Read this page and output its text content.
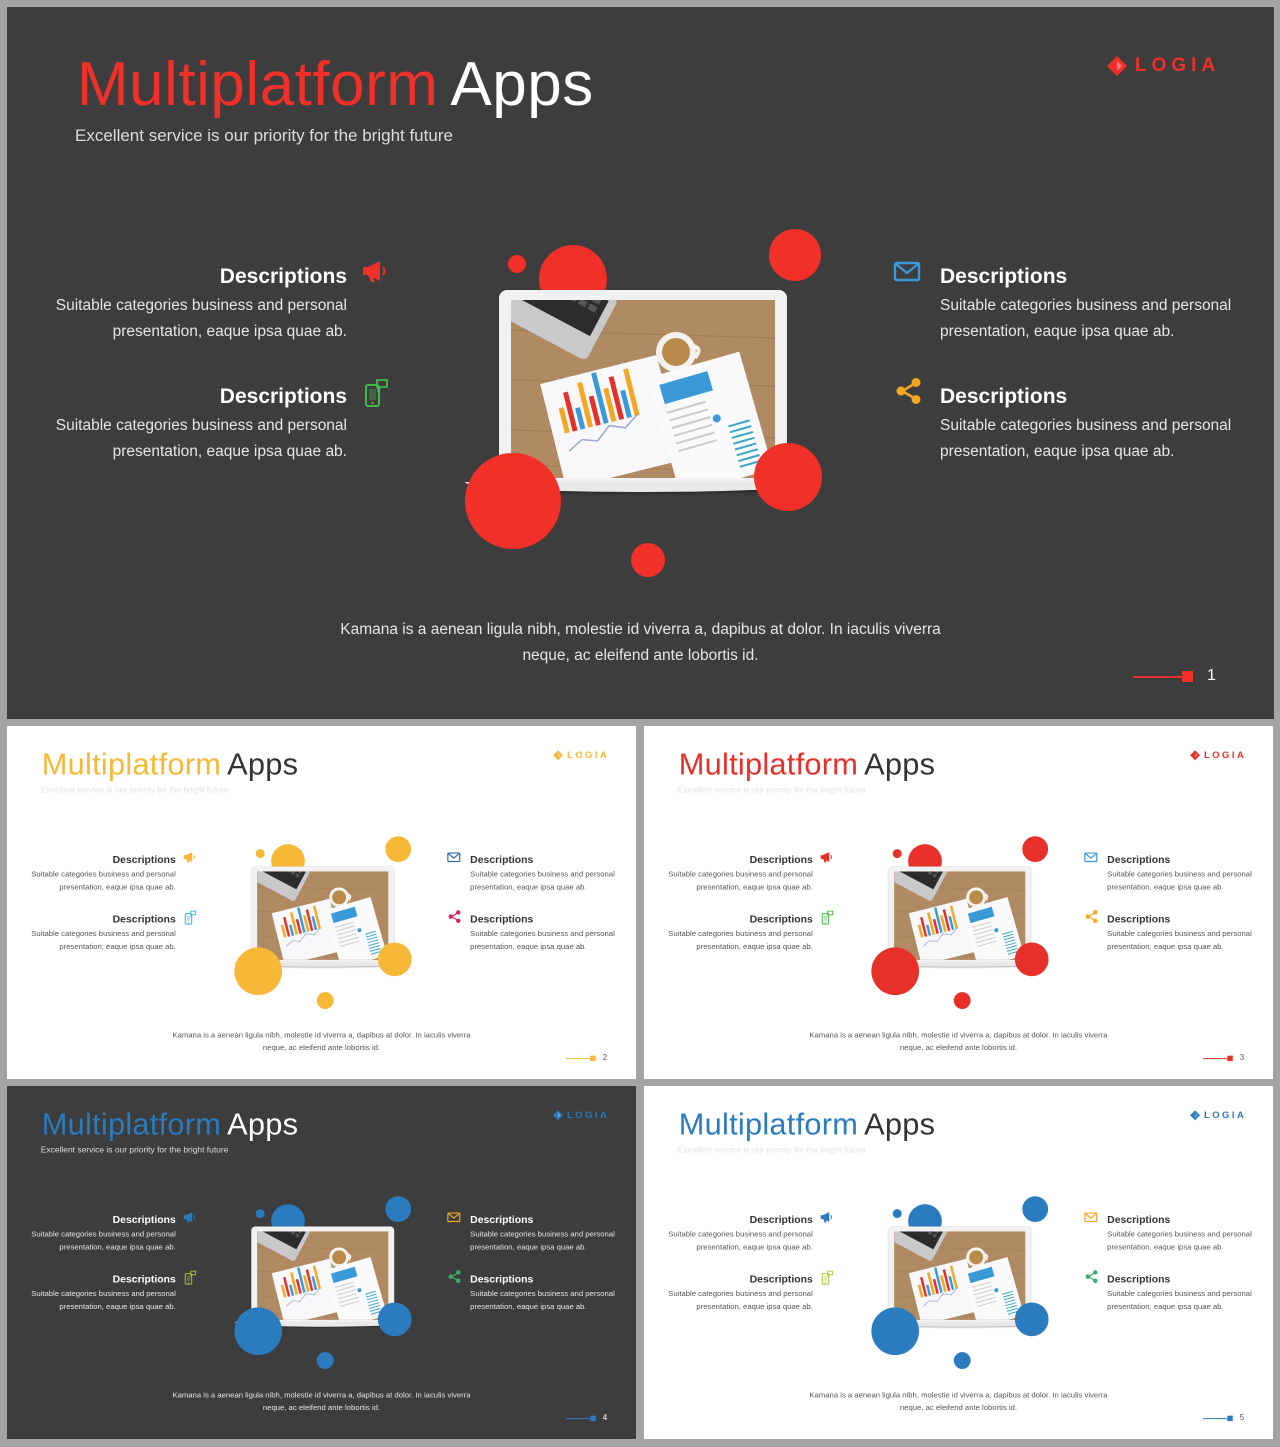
Multiplatform Apps
Excellent service is our priority for the bright future
LOGIA
Descriptions
Suitable categories business and personal presentation, eaque ipsa quae ab.
Descriptions
Suitable categories business and personal presentation, eaque ipsa quae ab.
Descriptions
Suitable categories business and personal presentation, eaque ipsa quae ab.
Descriptions
Suitable categories business and personal presentation, eaque ipsa quae ab.
Kamana is a aenean ligula nibh, molestie id viverra a, dapibus at dolor. In iaculis viverra neque, ac eleifend ante lobortis id.
1
MultiplatformApps
Excellent service is our priority for the bright future
LOGIA
Descriptions
Suitable categories business and personal presentation, eaque ipsa quae ab.
Descriptions
Suitable categories business and personal presentation, eaque ipsa quae ab.
Descriptions
Suitable categories business and personal presentation, eaque ipsa quae ab.
Descriptions
Suitable categories business and personal presentation, eaque ipsa quae ab.
Kamana is a aenean ligula nibh, molestie id viverra a, dapibus at dolor. In iaculis viverra neque, ac eleifend ante lobortis id.
2
MultiplatformApps
Excellent service is our priority for the bright future
LOGIA
Descriptions
Suitable categories business and personal presentation, eaque ipsa quae ab.
Descriptions
Suitable categories business and personal presentation, eaque ipsa quae ab.
Descriptions
Suitable categories business and personal presentation, eaque ipsa quae ab.
Descriptions
Suitable categories business and personal presentation, eaque ipsa quae ab.
Kamana is a aenean ligula nibh, molestie id viverra a, dapibus at dolor. In iaculis viverra neque, ac eleifend ante lobortis id.
3
MultiplatformApps
Excellent service is our priority for the bright future
LOGIA
Descriptions
Suitable categories business and personal presentation, eaque ipsa quae ab.
Descriptions
Suitable categories business and personal presentation, eaque ipsa quae ab.
Descriptions
Suitable categories business and personal presentation, eaque ipsa quae ab.
Descriptions
Suitable categories business and personal presentation, eaque ipsa quae ab.
Kamana is a aenean ligula nibh, molestie id viverra a, dapibus at dolor. In iaculis viverra neque, ac eleifend ante lobortis id.
4
MultiplatformApps
Excellent service is our priority for the bright future
LOGIA
Descriptions
Suitable categories business and personal presentation, eaque ipsa quae ab.
Descriptions
Suitable categories business and personal presentation, eaque ipsa quae ab.
Descriptions
Suitable categories business and personal presentation, eaque ipsa quae ab.
Descriptions
Suitable categories business and personal presentation, eaque ipsa quae ab.
Kamana is a aenean ligula nibh, molestie id viverra a, dapibus at dolor. In iaculis viverra neque, ac eleifend ante lobortis id.
5
